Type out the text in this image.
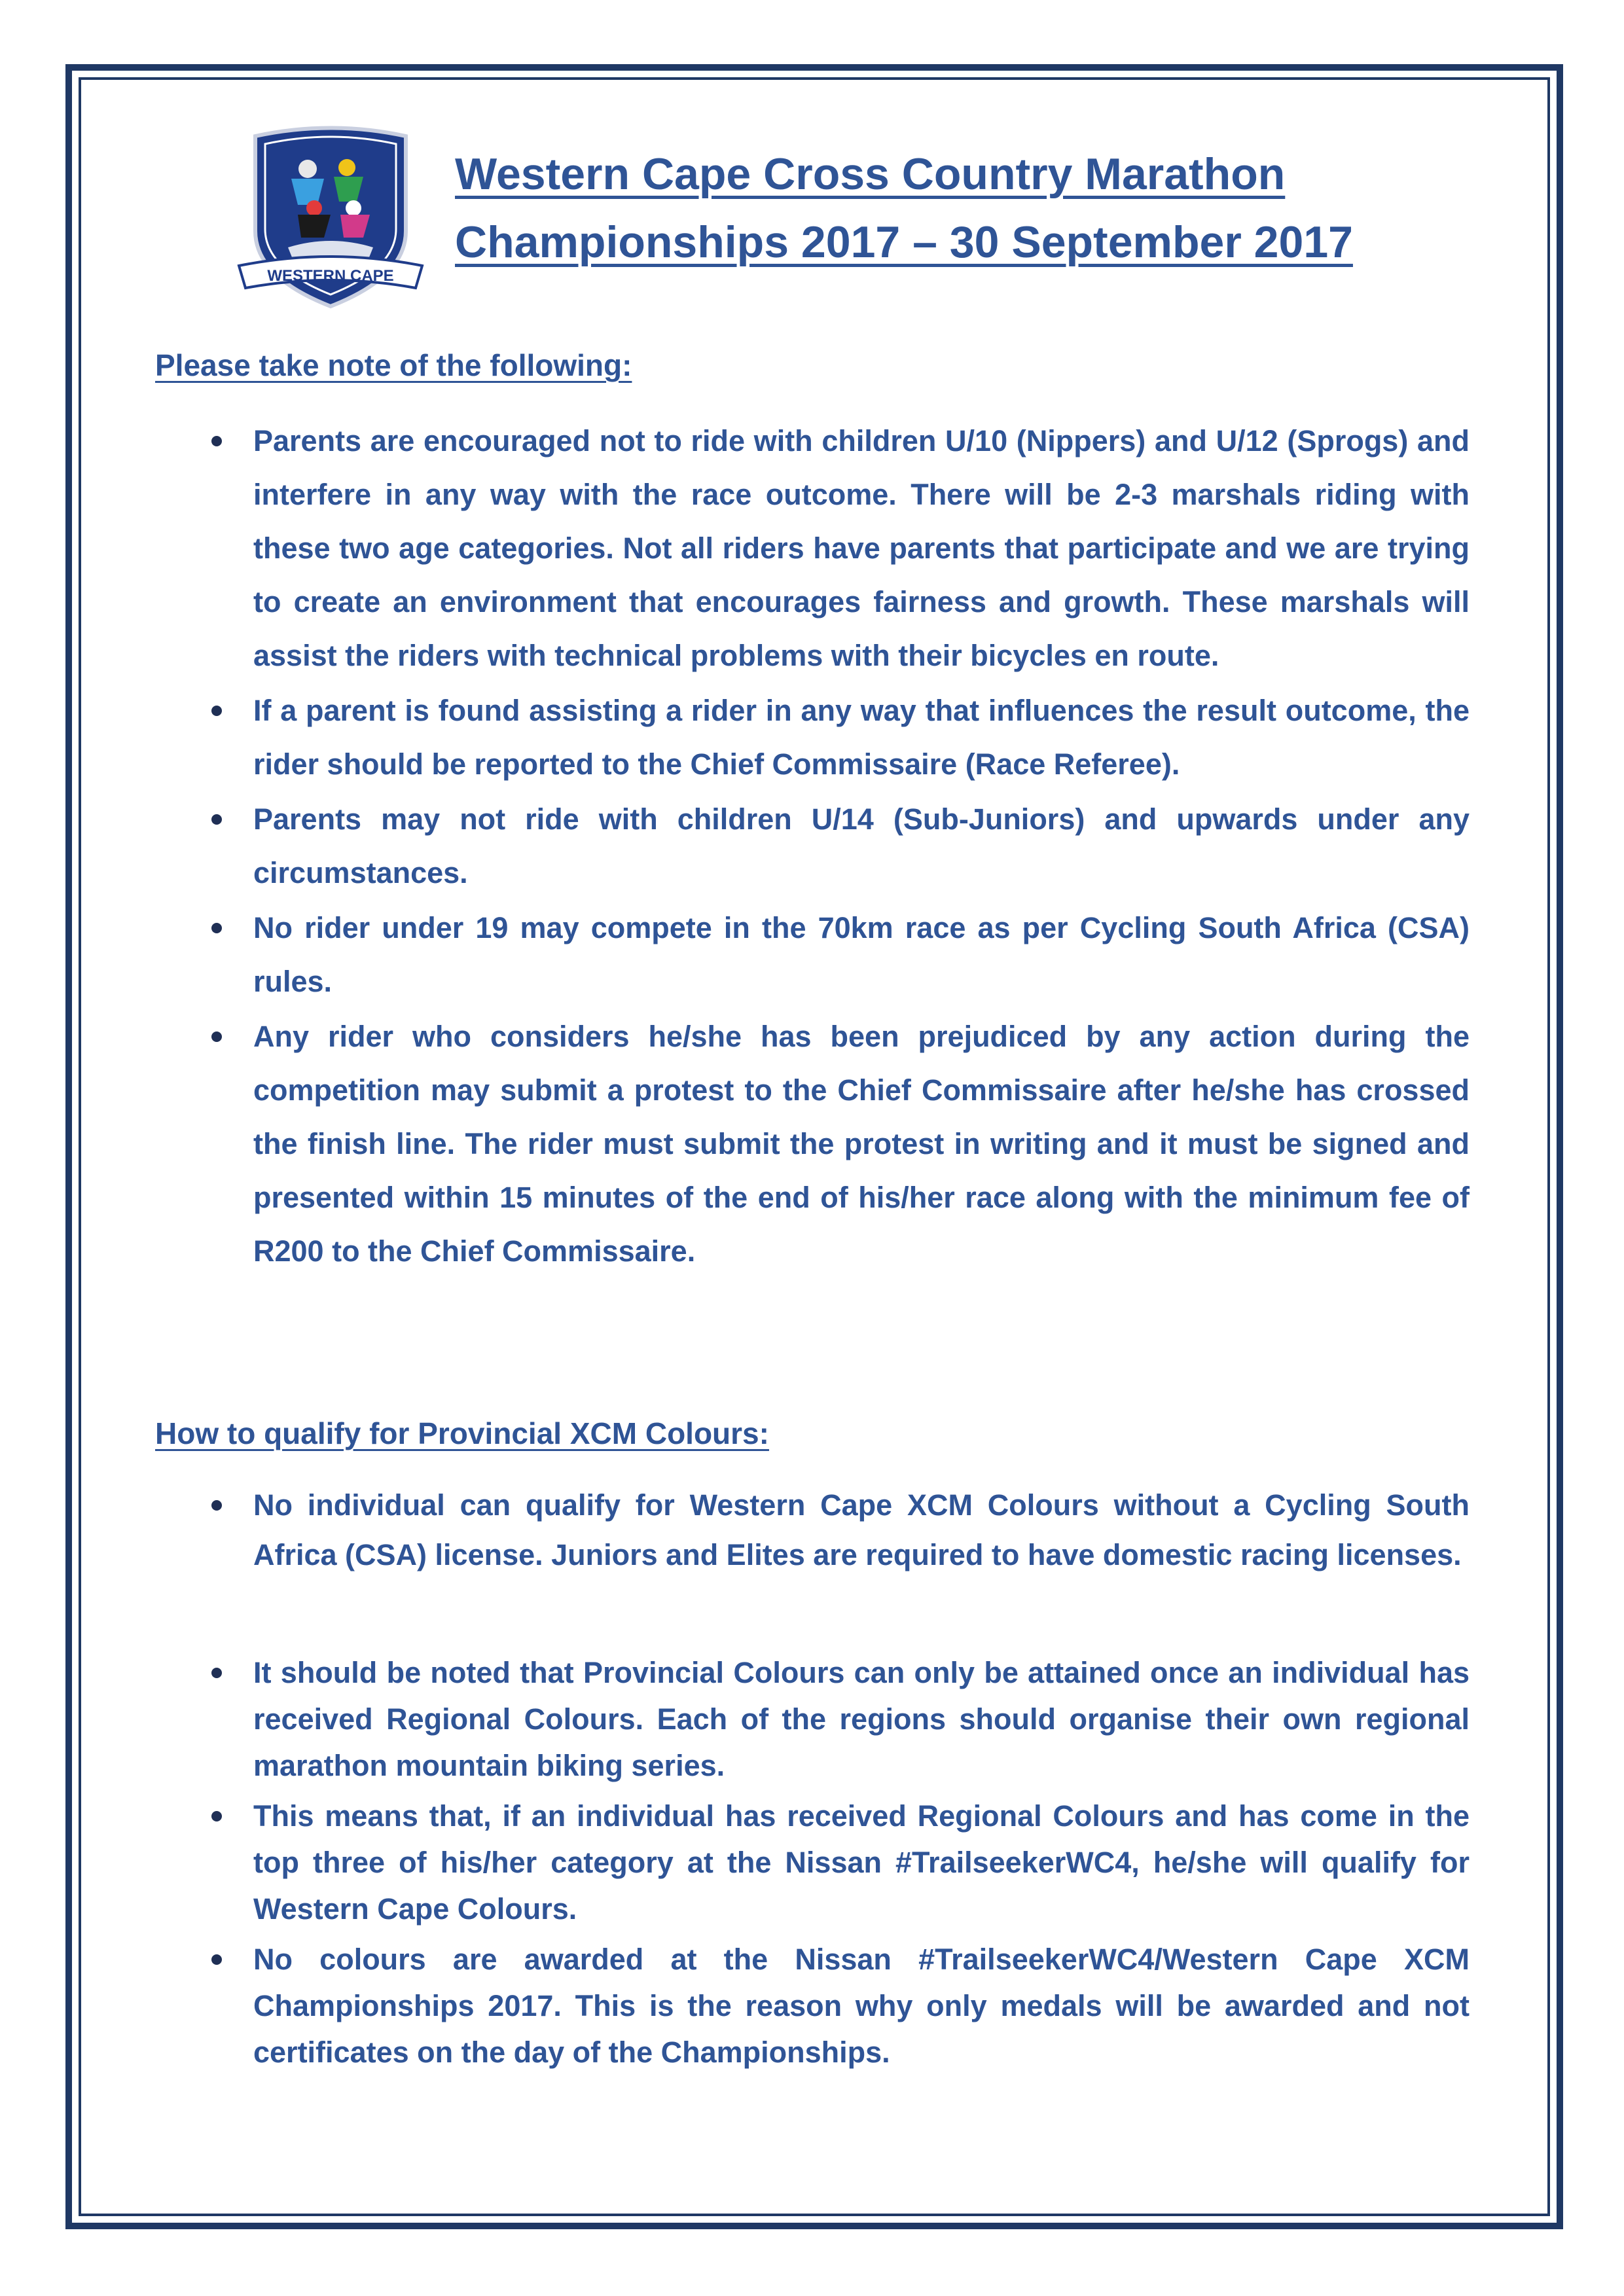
WESTERN CAPE
Western Cape Cross Country Marathon
Championships 2017 – 30 September 2017
Please take note of the following:
Parents are encouraged not to ride with children U/10 (Nippers) and U/12 (Sprogs) and interfere in any way with the race outcome. There will be 2-3 marshals riding with these two age categories. Not all riders have parents that participate and we are trying to create an environment that encourages fairness and growth. These marshals will assist the riders with technical problems with their bicycles en route.
If a parent is found assisting a rider in any way that influences the result outcome, the rider should be reported to the Chief Commissaire (Race Referee).
Parents may not ride with children U/14 (Sub-Juniors) and upwards under any circumstances.
No rider under 19 may compete in the 70km race as per Cycling South Africa (CSA) rules.
Any rider who considers he/she has been prejudiced by any action during the competition may submit a protest to the Chief Commissaire after he/she has crossed the finish line. The rider must submit the protest in writing and it must be signed and presented within 15 minutes of the end of his/her race along with the minimum fee of R200 to the Chief Commissaire.
How to qualify for Provincial XCM Colours:
No individual can qualify for Western Cape XCM Colours without a Cycling South Africa (CSA) license. Juniors and Elites are required to have domestic racing licenses.
It should be noted that Provincial Colours can only be attained once an individual has received Regional Colours. Each of the regions should organise their own regional marathon mountain biking series.
This means that, if an individual has received Regional Colours and has come in the top three of his/her category at the Nissan #TrailseekerWC4, he/she will qualify for Western Cape Colours.
No colours are awarded at the Nissan #TrailseekerWC4/Western Cape XCM Championships 2017. This is the reason why only medals will be awarded and not certificates on the day of the Championships.
